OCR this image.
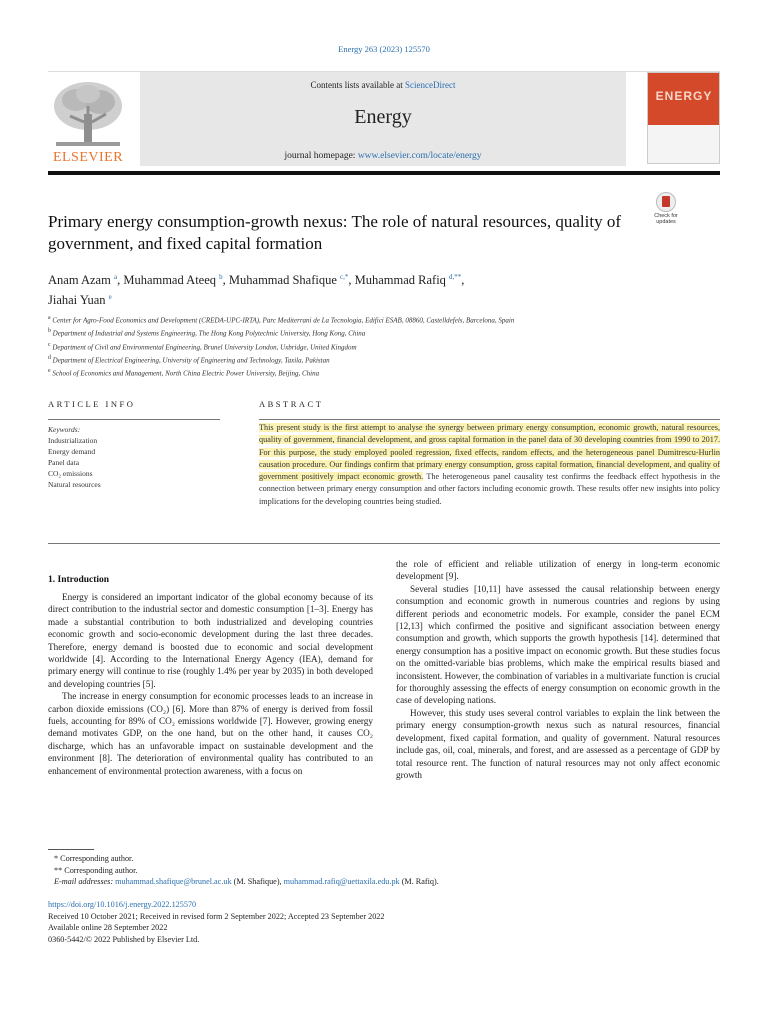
Energy 263 (2023) 125570
ELSEVIER
Contents lists available at ScienceDirect
Energy
journal homepage: www.elsevier.com/locate/energy
ENERGY
Check for updates
Primary energy consumption-growth nexus: The role of natural resources, quality of government, and fixed capital formation
Anam Azam $^a$, Muhammad Ateeq $^b$, Muhammad Shafique $^{c,*}$, Muhammad Rafiq $^{d,**}$,
Jiahai Yuan $^e$
$^a$ Center for Agro-Food Economics and Development (CREDA-UPC-IRTA), Parc Mediterrani de La Tecnologia, Edifici ESAB, 08860, Castelldefels, Barcelona, Spain
$^b$ Department of Industrial and Systems Engineering, The Hong Kong Polytechnic University, Hong Kong, China
$^c$ Department of Civil and Environmental Engineering, Brunel University London, Uxbridge, United Kingdom
$^d$ Department of Electrical Engineering, University of Engineering and Technology, Taxila, Pakistan
$^e$ School of Economics and Management, North China Electric Power University, Beijing, China
ARTICLE INFO	ABSTRACT
Keywords:
Industrialization
Energy demand
Panel data
CO₂ emissions
Natural resources
This present study is the first attempt to analyse the synergy between primary energy consumption, economic growth, natural resources, quality of government, financial development, and gross capital formation in the panel data of 30 developing countries from 1990 to 2017. For this purpose, the study employed pooled regression, fixed effects, random effects, and the heterogeneous panel Dumitrescu-Hurlin causation procedure. Our findings confirm that primary energy consumption, gross capital formation, financial development, and quality of government positively impact economic growth. The heterogeneous panel causality test confirms the feedback effect hypothesis in the connection between primary energy consumption and other factors including economic growth. These results offer new insights into policy implications for the developing countries being studied.
1. Introduction

Energy is considered an important indicator of the global economy because of its direct contribution to the industrial sector and domestic consumption [1–3]. Energy has made a substantial contribution to both industrialized and developing countries economic growth and socio-economic development during the last three decades. Therefore, energy demand is boosted due to economic and social development worldwide [4]. According to the International Energy Agency (IEA), demand for primary energy will continue to rise (roughly 1.4% per year by 2035) in both developed and developing countries [5].

The increase in energy consumption for economic processes leads to an increase in carbon dioxide emissions (CO₂) [6]. More than 87% of energy is derived from fossil fuels, accounting for 89% of CO₂ emissions worldwide [7]. However, growing energy demand motivates GDP, on the one hand, but on the other hand, it causes CO₂ discharge, which has an unfavorable impact on sustainable development and the environment [8]. The deterioration of environmental quality has contributed to an enhancement of environmental protection awareness, with a focus on

the role of efficient and reliable utilization of energy in long-term economic development [9].

Several studies [10,11] have assessed the causal relationship between energy consumption and economic growth in numerous countries and regions by using different periods and econometric models. For example, consider the panel ECM [12,13] which confirmed the positive and significant association between energy consumption and growth, which supports the growth hypothesis [14]. determined that energy consumption has a positive impact on economic growth. But these studies focus on the omitted-variable bias problems, which make the empirical results biased and inconsistent. However, the combination of variables in a multivariate function is crucial for thoroughly assessing the effects of energy consumption on economic growth in the case of developing nations.

However, this study uses several control variables to explain the link between the primary energy consumption-growth nexus such as natural resources, financial development, fixed capital formation, and quality of government. Natural resources include gas, oil, coal, minerals, and forest, and are assessed as a percentage of GDP by total resource rent. The function of natural resources may not only affect economic growth

* Corresponding author.
** Corresponding author.
E-mail addresses: muhammad.shafique@brunel.ac.uk (M. Shafique), muhammad.rafiq@uettaxila.edu.pk (M. Rafiq).
https://doi.org/10.1016/j.energy.2022.125570
Received 10 October 2021; Received in revised form 2 September 2022; Accepted 23 September 2022
Available online 28 September 2022
0360-5442/© 2022 Published by Elsevier Ltd.
